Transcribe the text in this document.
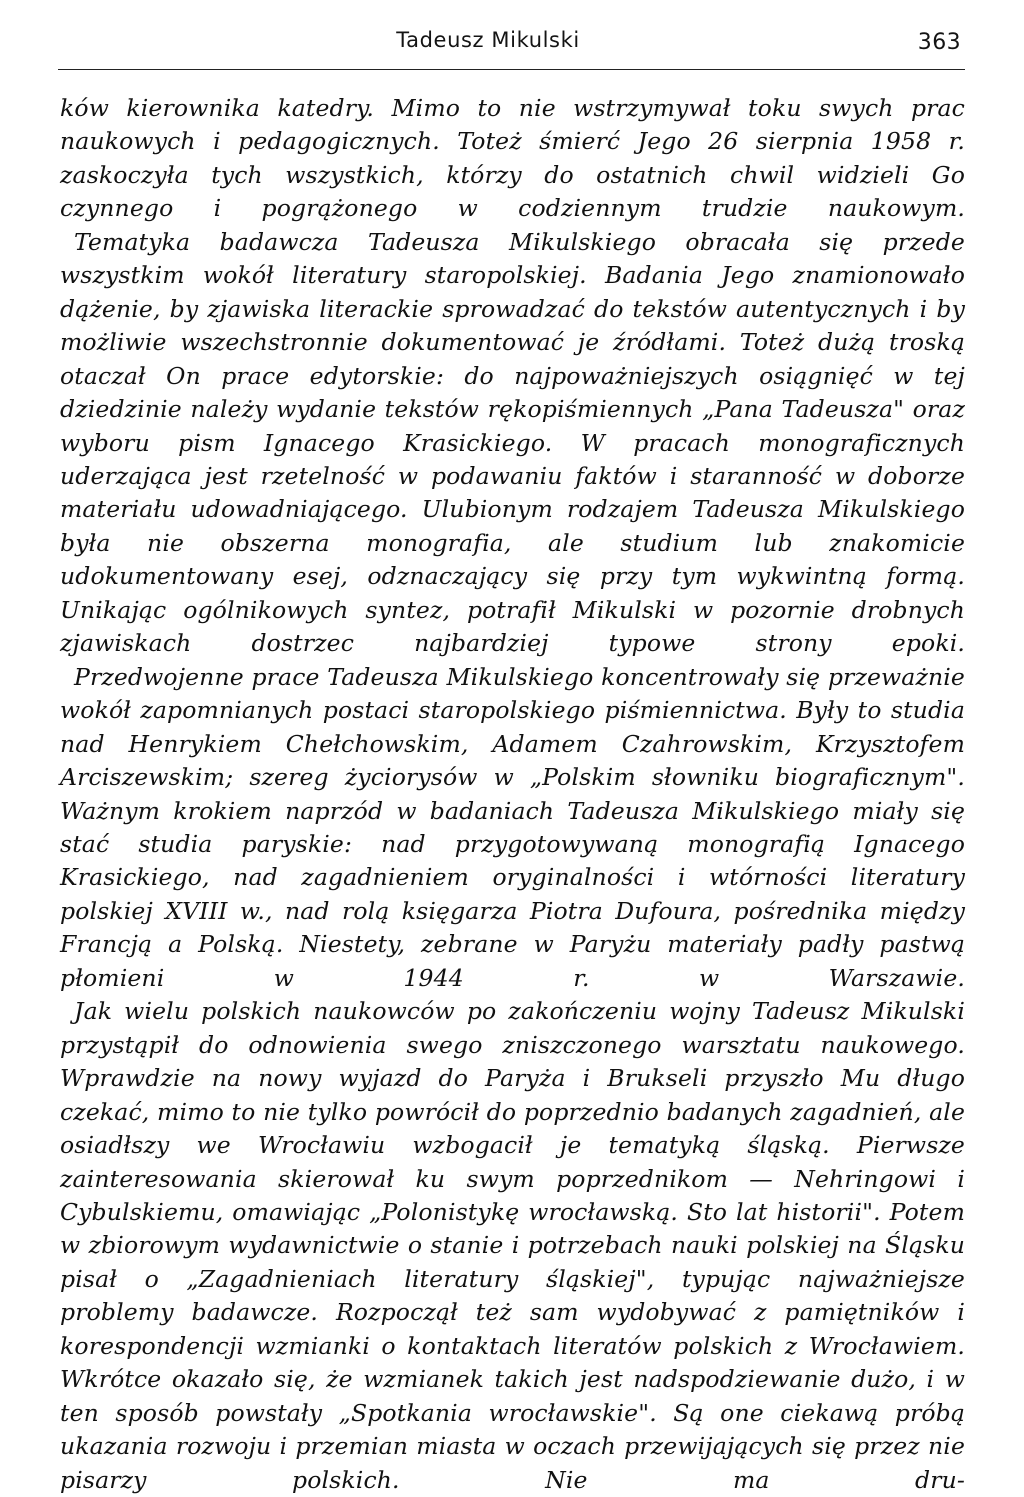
Tadeusz Mikulski	363

ków kierownika katedry. Mimo to nie wstrzymywał toku swych prac naukowych i pedagogicznych. Toteż śmierć Jego 26 sierpnia 1958 r. zaskoczyła tych wszystkich, którzy do ostatnich chwil widzieli Go czynnego i pogrążonego w codziennym trudzie naukowym.

Tematyka badawcza Tadeusza Mikulskiego obracała się przede wszystkim wokół literatury staropolskiej. Badania Jego znamionowało dążenie, by zjawiska literackie sprowadzać do tekstów autentycznych i by możliwie wszechstronnie dokumentować je źródłami. Toteż dużą troską otaczał On prace edytorskie: do najpoważniejszych osiągnięć w tej dziedzinie należy wydanie tekstów rękopiśmiennych „Pana Tadeusza" oraz wyboru pism Ignacego Krasickiego. W pracach monograficznych uderzająca jest rzetelność w podawaniu faktów i staranność w doborze materiału udowadniającego. Ulubionym rodzajem Tadeusza Mikulskiego była nie obszerna monografia, ale studium lub znakomicie udokumentowany esej, odznaczający się przy tym wykwintną formą. Unikając ogólnikowych syntez, potrafił Mikulski w pozornie drobnych zjawiskach dostrzec najbardziej typowe strony epoki.

Przedwojenne prace Tadeusza Mikulskiego koncentrowały się przeważnie wokół zapomnianych postaci staropolskiego piśmiennictwa. Były to studia nad Henrykiem Chełchowskim, Adamem Czahrowskim, Krzysztofem Arciszewskim; szereg życiorysów w „Polskim słowniku biograficznym". Ważnym krokiem naprzód w badaniach Tadeusza Mikulskiego miały się stać studia paryskie: nad przygotowywaną monografią Ignacego Krasickiego, nad zagadnieniem oryginalności i wtórności literatury polskiej XVIII w., nad rolą księgarza Piotra Dufoura, pośrednika między Francją a Polską. Niestety, zebrane w Paryżu materiały padły pastwą płomieni w 1944 r. w Warszawie.

Jak wielu polskich naukowców po zakończeniu wojny Tadeusz Mikulski przystąpił do odnowienia swego zniszczonego warsztatu naukowego. Wprawdzie na nowy wyjazd do Paryża i Brukseli przyszło Mu długo czekać, mimo to nie tylko powrócił do poprzednio badanych zagadnień, ale osiadłszy we Wrocławiu wzbogacił je tematyką śląską. Pierwsze zainteresowania skierował ku swym poprzednikom — Nehringowi i Cybulskiemu, omawiając „Polonistykę wrocławską. Sto lat historii". Potem w zbiorowym wydawnictwie o stanie i potrzebach nauki polskiej na Śląsku pisał o „Zagadnieniach literatury śląskiej", typując najważniejsze problemy badawcze. Rozpoczął też sam wydobywać z pamiętników i korespondencji wzmianki o kontaktach literatów polskich z Wrocławiem. Wkrótce okazało się, że wzmianek takich jest nadspodziewanie dużo, i w ten sposób powstały „Spotkania wrocławskie". Są one ciekawą próbą ukazania rozwoju i przemian miasta w oczach przewijających się przez nie pisarzy polskich. Nie ma dru-
